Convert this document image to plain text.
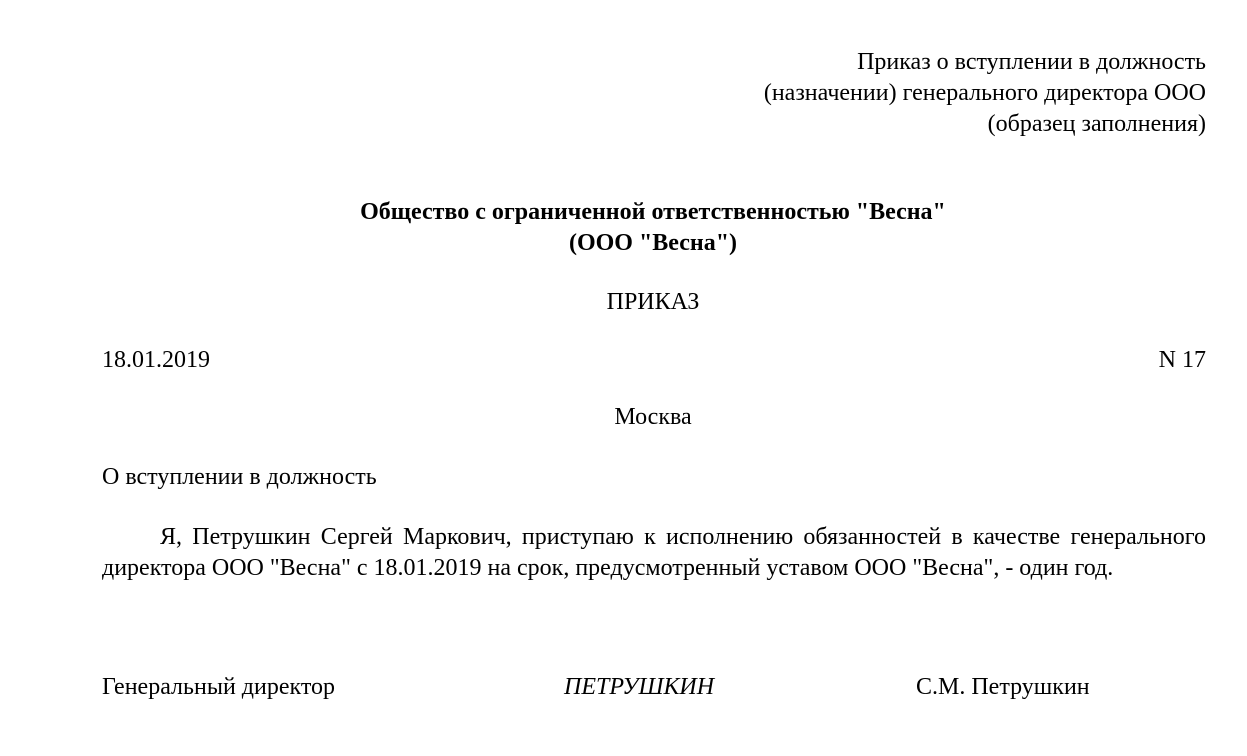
Приказ о вступлении в должность
(назначении) генерального директора ООО
(образец заполнения)
Общество с ограниченной ответственностью "Весна"
(ООО "Весна")
ПРИКАЗ
18.01.2019	N 17
Москва
О вступлении в должность

Я, Петрушкин Сергей Маркович, приступаю к исполнению обязанностей в качестве генерального директора ООО "Весна" с 18.01.2019 на срок, предусмотренный уставом ООО "Весна", - один год.

Генеральный директор	ПЕТРУШКИН	С.М. Петрушкин
